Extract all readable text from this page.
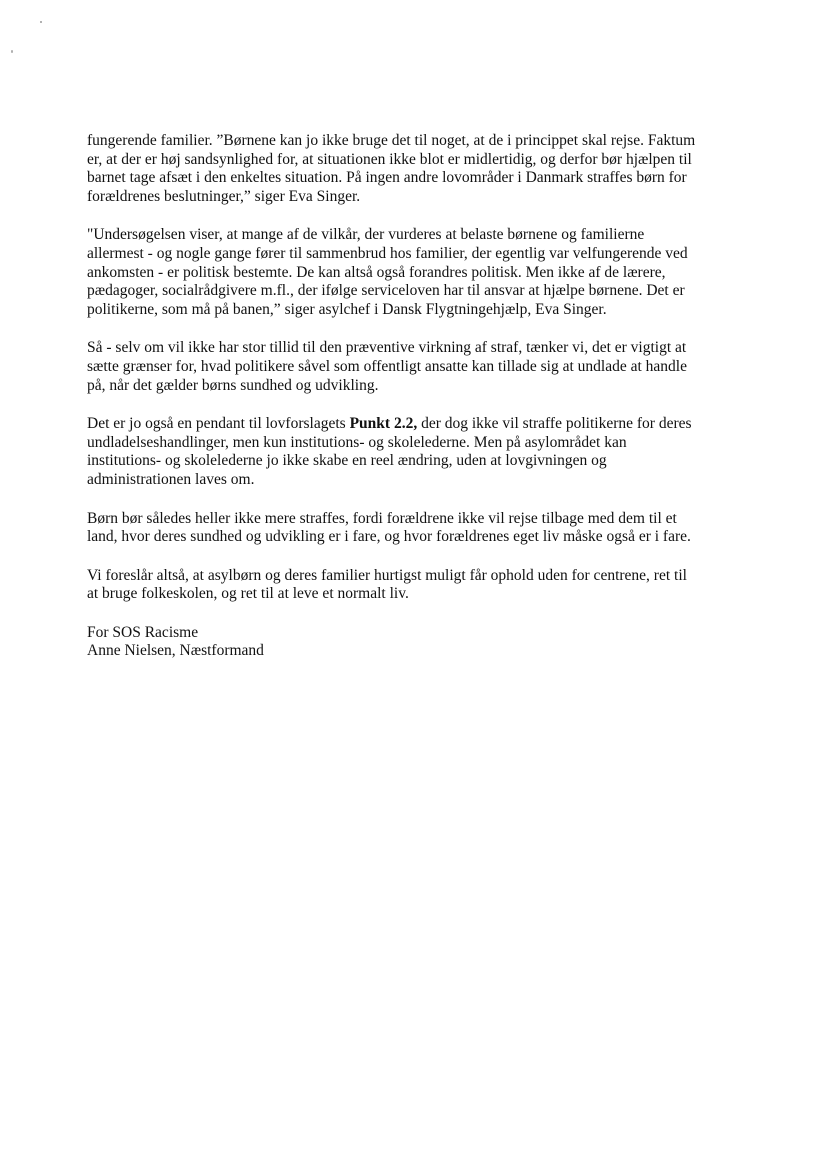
fungerende familier. ”Børnene kan jo ikke bruge det til noget, at de i princippet skal rejse. Faktum
er, at der er høj sandsynlighed for, at situationen ikke blot er midlertidig, og derfor bør hjælpen til
barnet tage afsæt i den enkeltes situation. På ingen andre lovområder i Danmark straffes børn for
forældrenes beslutninger,” siger Eva Singer.

"Undersøgelsen viser, at mange af de vilkår, der vurderes at belaste børnene og familierne
allermest - og nogle gange fører til sammenbrud hos familier, der egentlig var velfungerende ved
ankomsten - er politisk bestemte. De kan altså også forandres politisk. Men ikke af de lærere,
pædagoger, socialrådgivere m.fl., der ifølge serviceloven har til ansvar at hjælpe børnene. Det er
politikerne, som må på banen,” siger asylchef i Dansk Flygtningehjælp, Eva Singer.

Så - selv om vil ikke har stor tillid til den præventive virkning af straf, tænker vi, det er vigtigt at
sætte grænser for, hvad politikere såvel som offentligt ansatte kan tillade sig at undlade at handle
på, når det gælder børns sundhed og udvikling.

Det er jo også en pendant til lovforslagets Punkt 2.2, der dog ikke vil straffe politikerne for deres
undladelseshandlinger, men kun institutions- og skolelederne. Men på asylområdet kan
institutions- og skolelederne jo ikke skabe en reel ændring, uden at lovgivningen og
administrationen laves om.

Børn bør således heller ikke mere straffes, fordi forældrene ikke vil rejse tilbage med dem til et
land, hvor deres sundhed og udvikling er i fare, og hvor forældrenes eget liv måske også er i fare.

Vi foreslår altså, at asylbørn og deres familier hurtigst muligt får ophold uden for centrene, ret til
at bruge folkeskolen, og ret til at leve et normalt liv.

For SOS Racisme
Anne Nielsen, Næstformand
